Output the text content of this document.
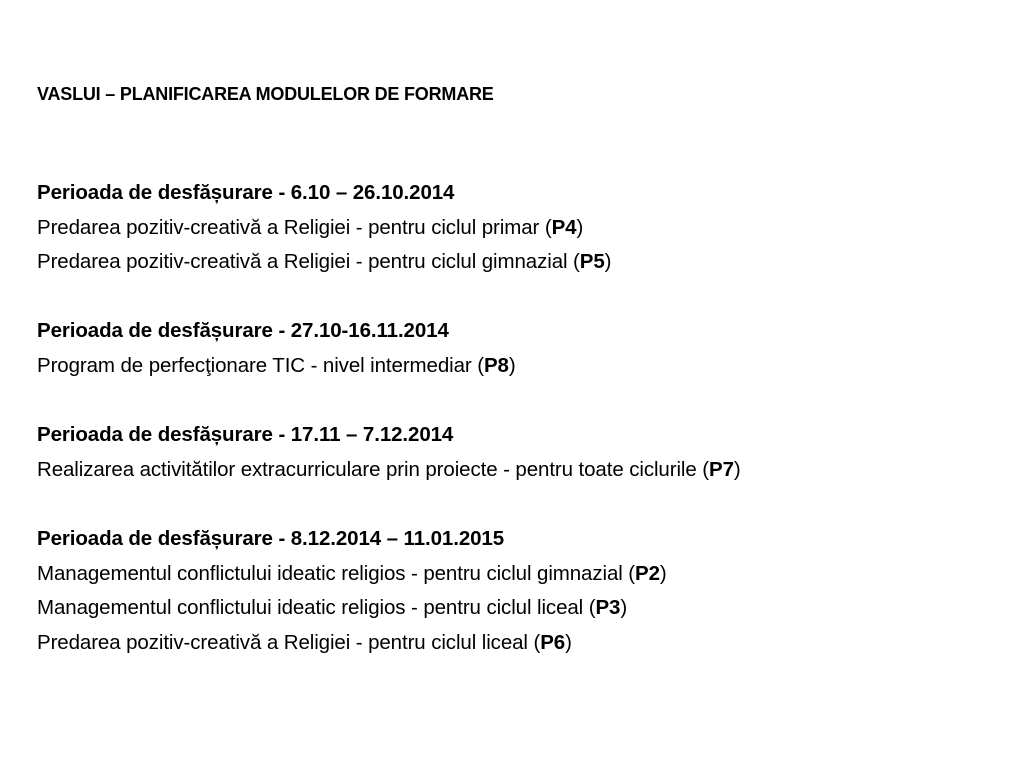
VASLUI – PLANIFICAREA MODULELOR DE FORMARE
Perioada de desfășurare - 6.10 – 26.10.2014
Predarea pozitiv-creativă a Religiei - pentru ciclul primar (P4)
Predarea pozitiv-creativă a Religiei - pentru ciclul gimnazial (P5)
Perioada de desfășurare - 27.10-16.11.2014
Program de perfecţionare TIC - nivel intermediar (P8)
Perioada de desfășurare - 17.11 – 7.12.2014
Realizarea activitătilor extracurriculare prin proiecte - pentru toate ciclurile (P7)
Perioada de desfășurare - 8.12.2014 – 11.01.2015
Managementul conflictului ideatic religios - pentru ciclul gimnazial (P2)
Managementul conflictului ideatic religios - pentru ciclul liceal (P3)
Predarea pozitiv-creativă a Religiei - pentru ciclul liceal (P6)
